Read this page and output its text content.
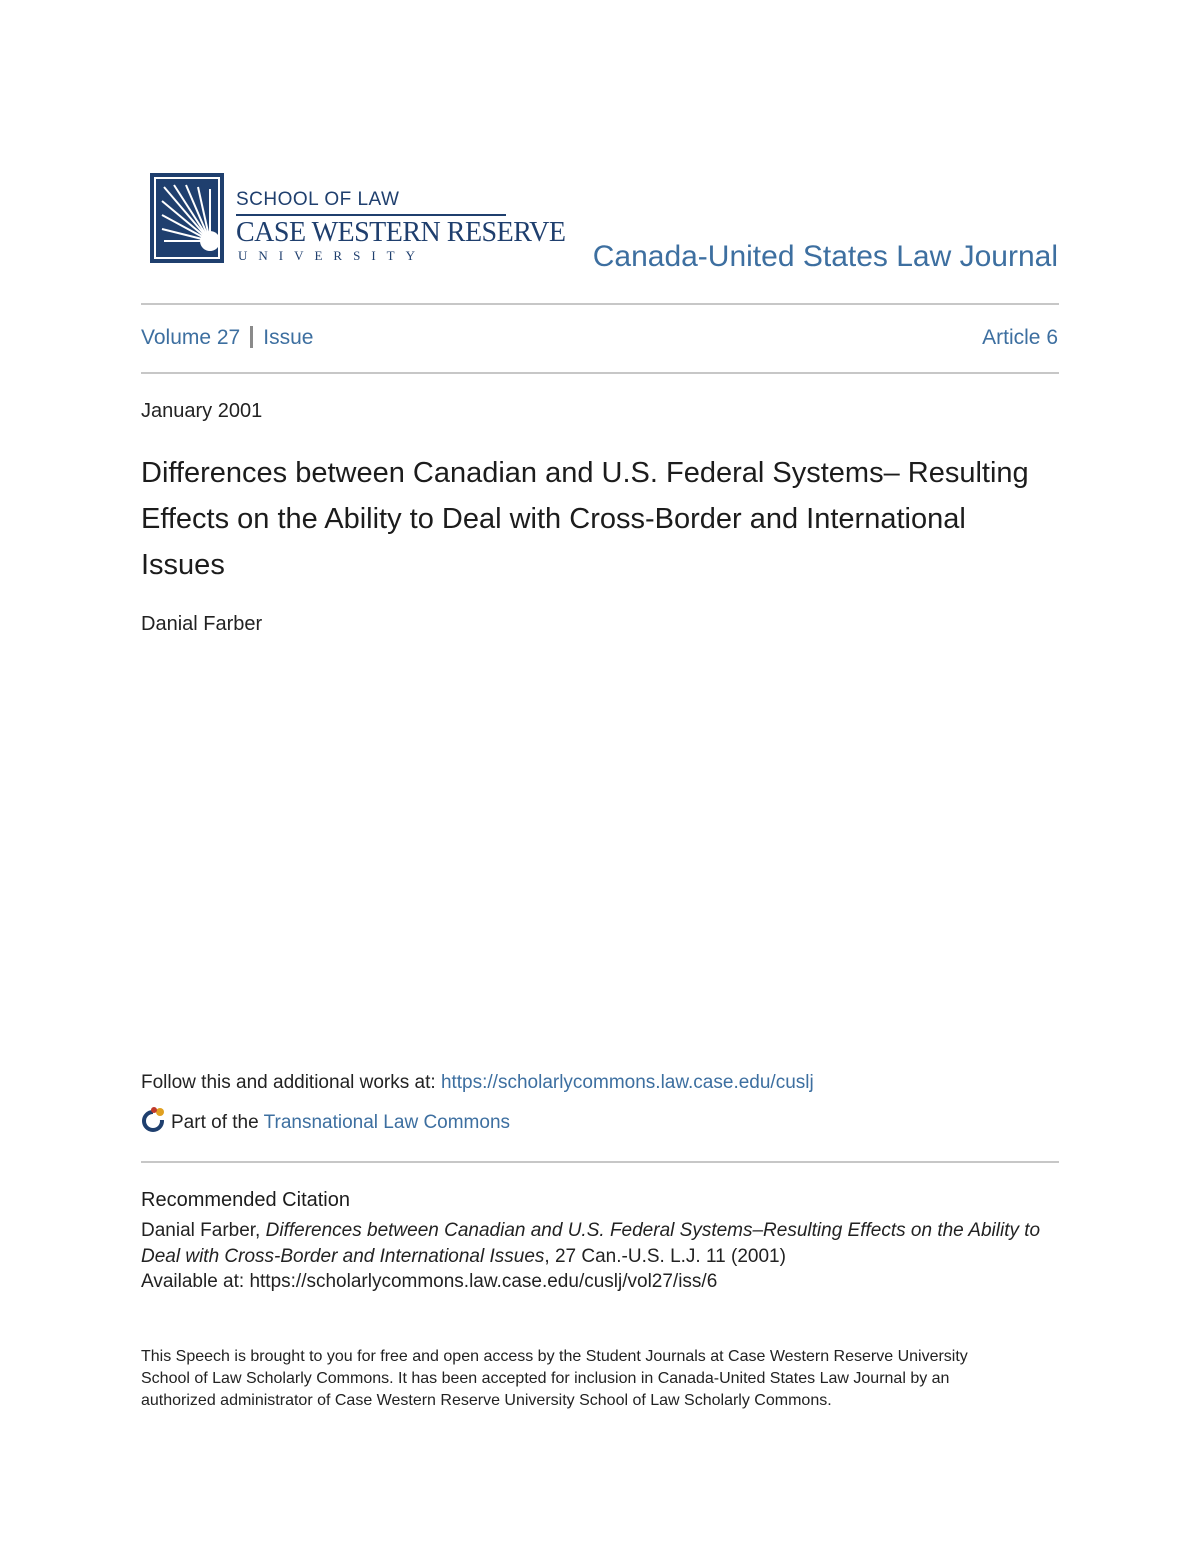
SCHOOL OF LAW
CASE WESTERN RESERVE
UNIVERSITY	Canada-United States Law Journal
Volume 27 Issue	Article 6
January 2001
Differences between Canadian and U.S. Federal Systems– Resulting Effects on the Ability to Deal with Cross-Border and International Issues
Danial Farber
Follow this and additional works at: https://scholarlycommons.law.case.edu/cuslj
Part of the Transnational Law Commons
Recommended Citation
Danial Farber, Differences between Canadian and U.S. Federal Systems–Resulting Effects on the Ability to Deal with Cross-Border and International Issues, 27 Can.-U.S. L.J. 11 (2001)
Available at: https://scholarlycommons.law.case.edu/cuslj/vol27/iss/6
This Speech is brought to you for free and open access by the Student Journals at Case Western Reserve University School of Law Scholarly Commons. It has been accepted for inclusion in Canada-United States Law Journal by an authorized administrator of Case Western Reserve University School of Law Scholarly Commons.
